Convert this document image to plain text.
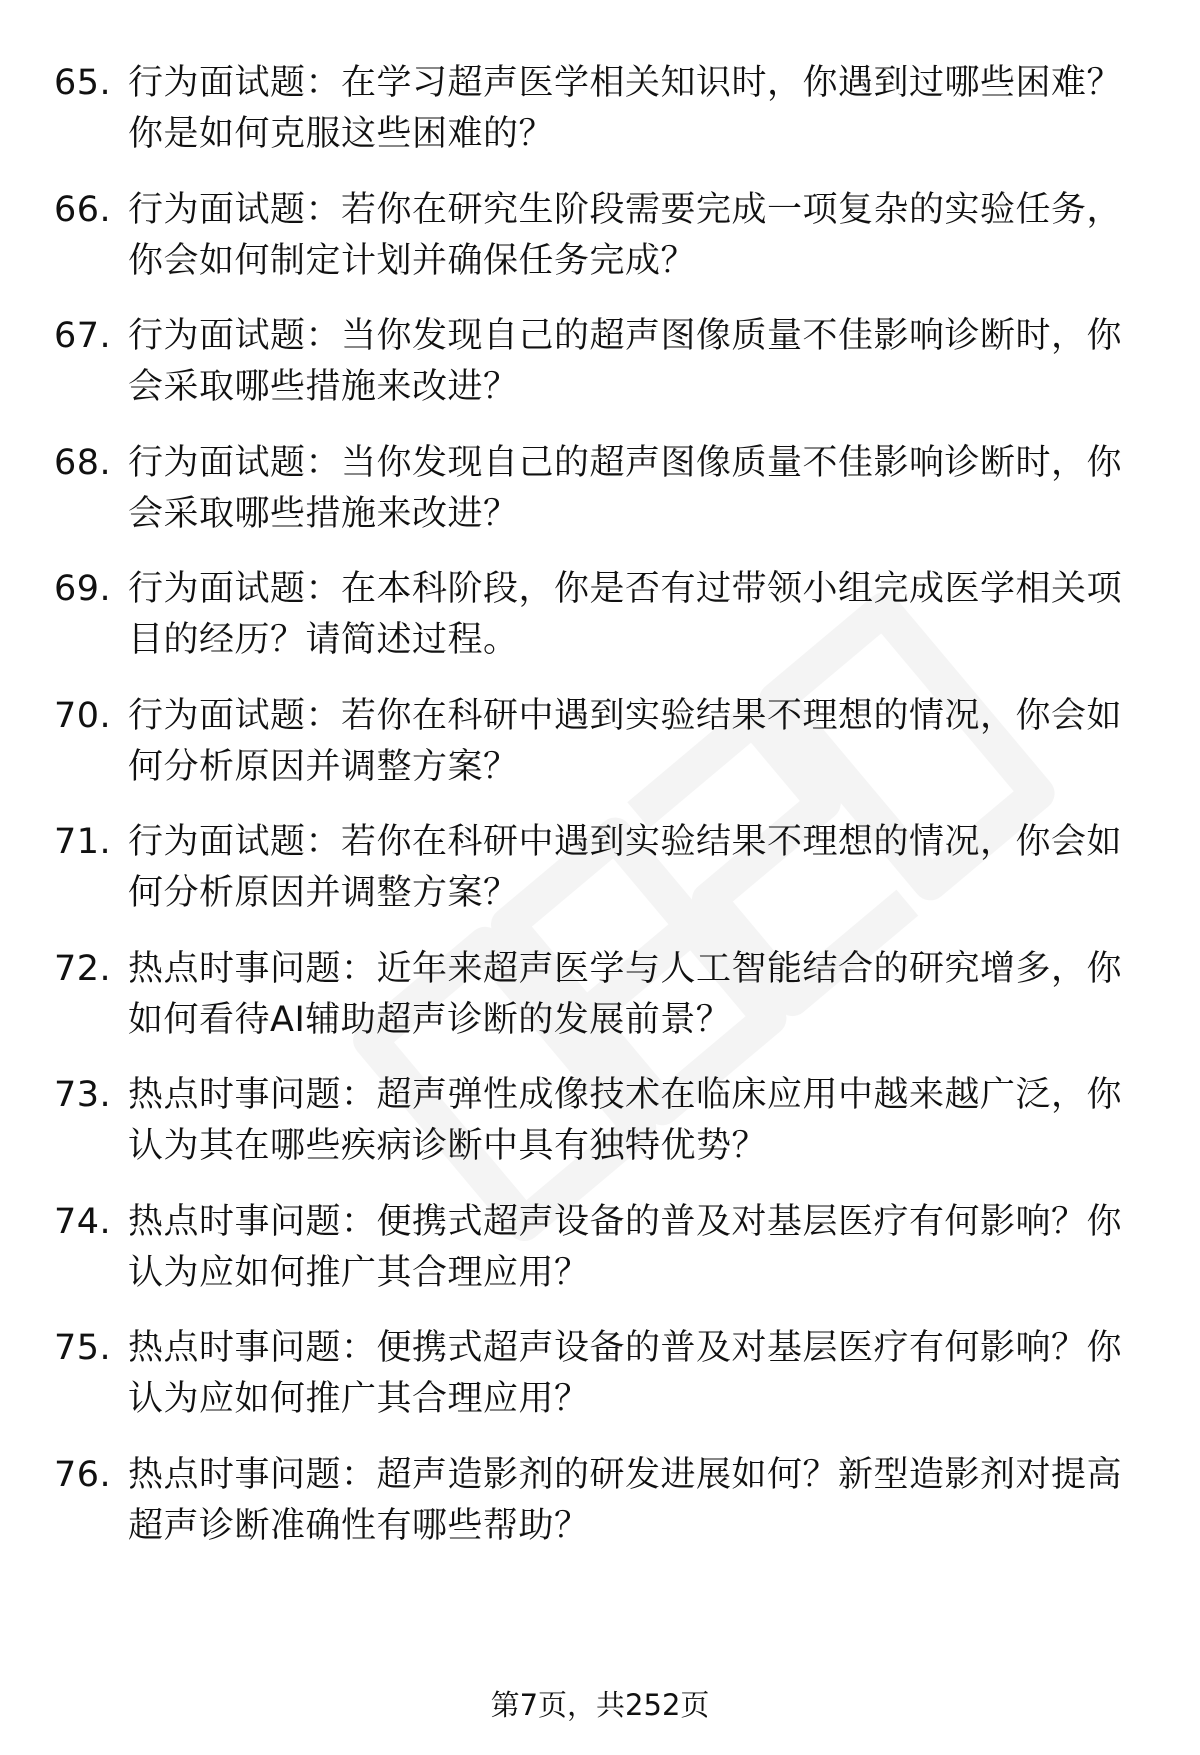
65. 行为面试题：在学习超声医学相关知识时，你遇到过哪些困难？你是如何克服这些困难的？
66. 行为面试题：若你在研究生阶段需要完成一项复杂的实验任务，你会如何制定计划并确保任务完成？
67. 行为面试题：当你发现自己的超声图像质量不佳影响诊断时，你会采取哪些措施来改进？
68. 行为面试题：当你发现自己的超声图像质量不佳影响诊断时，你会采取哪些措施来改进？
69. 行为面试题：在本科阶段，你是否有过带领小组完成医学相关项目的经历？请简述过程。
70. 行为面试题：若你在科研中遇到实验结果不理想的情况，你会如何分析原因并调整方案？
71. 行为面试题：若你在科研中遇到实验结果不理想的情况，你会如何分析原因并调整方案？
72. 热点时事问题：近年来超声医学与人工智能结合的研究增多，你如何看待AI辅助超声诊断的发展前景？
73. 热点时事问题：超声弹性成像技术在临床应用中越来越广泛，你认为其在哪些疾病诊断中具有独特优势？
74. 热点时事问题：便携式超声设备的普及对基层医疗有何影响？你认为应如何推广其合理应用？
75. 热点时事问题：便携式超声设备的普及对基层医疗有何影响？你认为应如何推广其合理应用？
76. 热点时事问题：超声造影剂的研发进展如何？新型造影剂对提高超声诊断准确性有哪些帮助？
第7页，共252页
